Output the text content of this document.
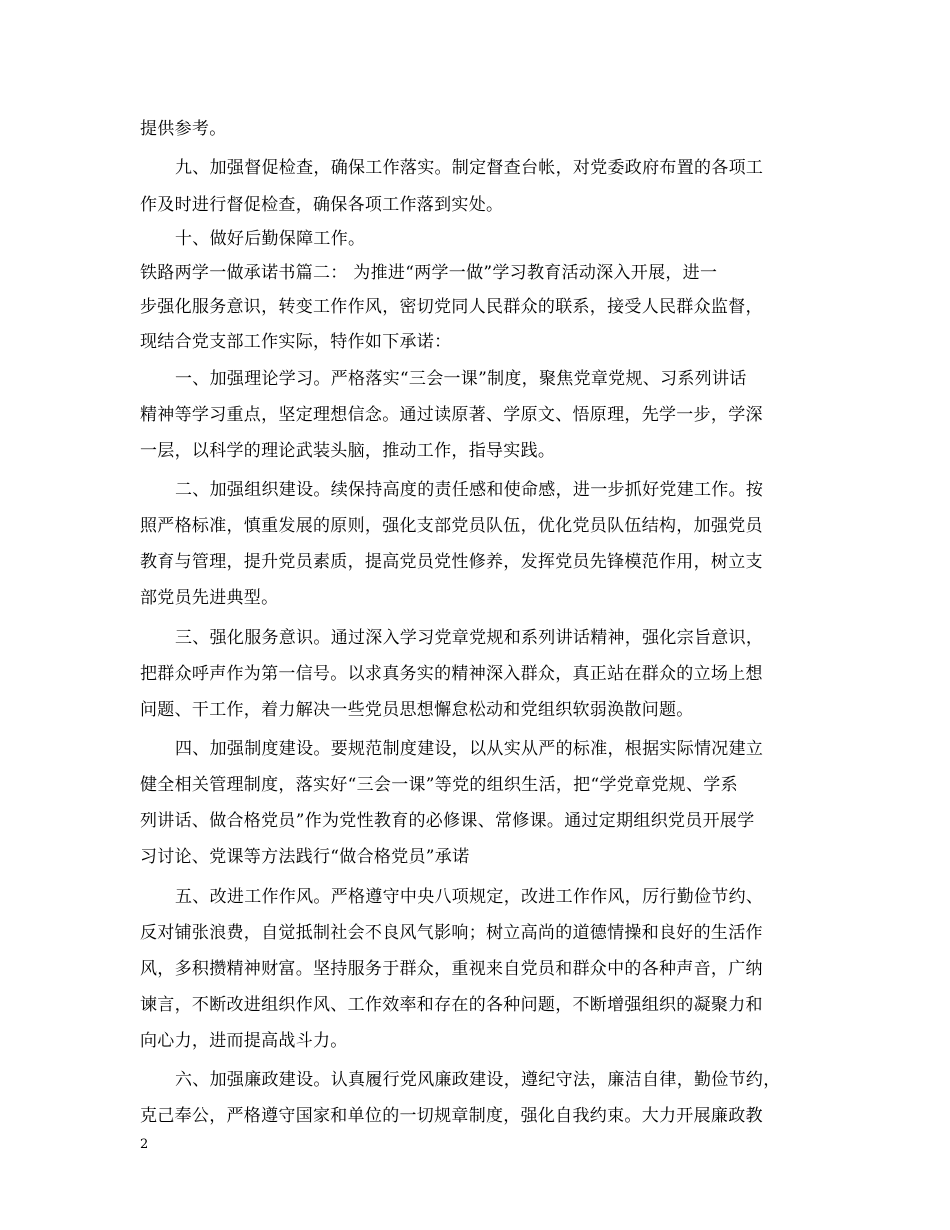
提供参考。
九、加强督促检查，确保工作落实。制定督查台帐，对党委政府布置的各项工
作及时进行督促检查，确保各项工作落到实处。
十、做好后勤保障工作。
铁路两学一做承诺书篇二： 为推进“两学一做”学习教育活动深入开展，进一
步强化服务意识，转变工作作风，密切党同人民群众的联系，接受人民群众监督，
现结合党支部工作实际，特作如下承诺：
一、加强理论学习。严格落实“三会一课”制度，聚焦党章党规、习系列讲话
精神等学习重点，坚定理想信念。通过读原著、学原文、悟原理，先学一步，学深
一层，以科学的理论武装头脑，推动工作，指导实践。
二、加强组织建设。续保持高度的责任感和使命感，进一步抓好党建工作。按
照严格标准，慎重发展的原则，强化支部党员队伍，优化党员队伍结构，加强党员
教育与管理，提升党员素质，提高党员党性修养，发挥党员先锋模范作用，树立支
部党员先进典型。
三、强化服务意识。通过深入学习党章党规和系列讲话精神，强化宗旨意识，
把群众呼声作为第一信号。以求真务实的精神深入群众，真正站在群众的立场上想
问题、干工作，着力解决一些党员思想懈怠松动和党组织软弱涣散问题。
四、加强制度建设。要规范制度建设，以从实从严的标准，根据实际情况建立
健全相关管理制度，落实好“三会一课”等党的组织生活，把“学党章党规、学系
列讲话、做合格党员”作为党性教育的必修课、常修课。通过定期组织党员开展学
习讨论、党课等方法践行“做合格党员”承诺
五、改进工作作风。严格遵守中央八项规定，改进工作作风，厉行勤俭节约、
反对铺张浪费，自觉抵制社会不良风气影响；树立高尚的道德情操和良好的生活作
风，多积攒精神财富。坚持服务于群众，重视来自党员和群众中的各种声音，广纳
谏言，不断改进组织作风、工作效率和存在的各种问题，不断增强组织的凝聚力和
向心力，进而提高战斗力。
六、加强廉政建设。认真履行党风廉政建设，遵纪守法，廉洁自律，勤俭节约，
克己奉公，严格遵守国家和单位的一切规章制度，强化自我约束。大力开展廉政教
2
